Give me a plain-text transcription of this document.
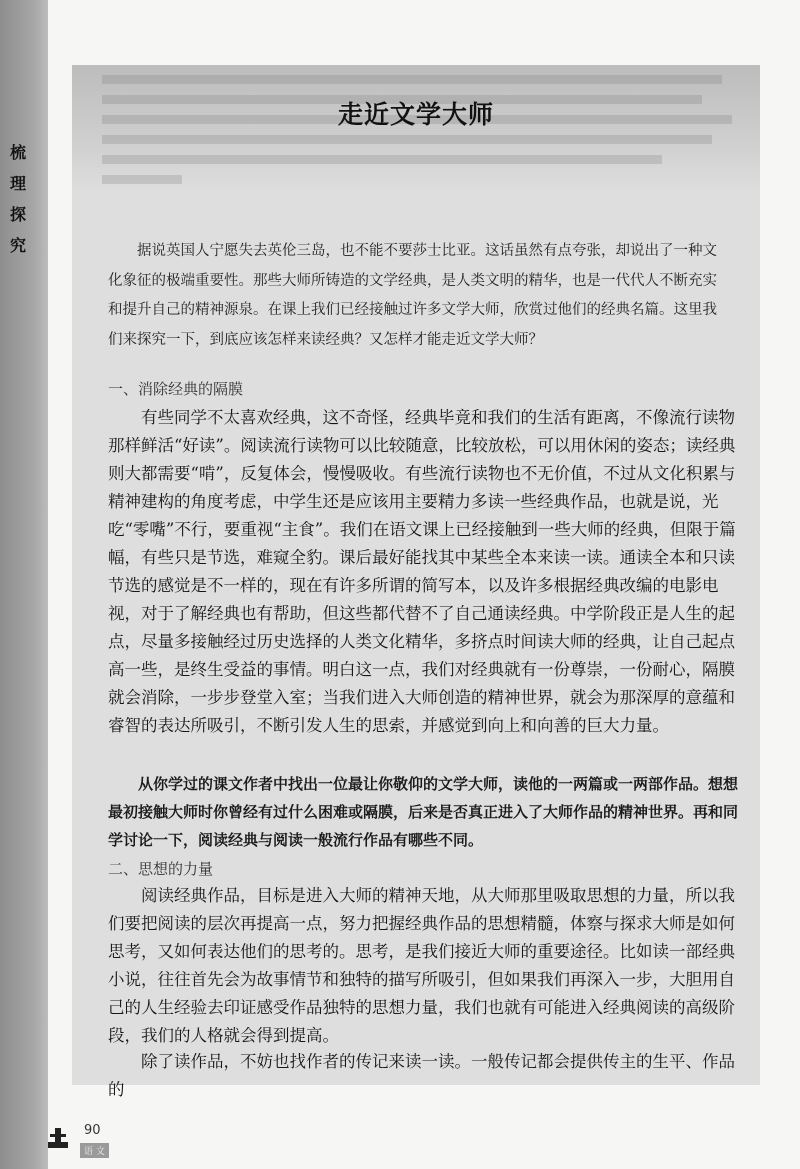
梳
理
探
究
走近文学大师
据说英国人宁愿失去英伦三岛，也不能不要莎士比亚。这话虽然有点夸张，却说出了一种文化象征的极端重要性。那些大师所铸造的文学经典，是人类文明的精华，也是一代代人不断充实和提升自己的精神源泉。在课上我们已经接触过许多文学大师，欣赏过他们的经典名篇。这里我们来探究一下，到底应该怎样来读经典？又怎样才能走近文学大师？
一、消除经典的隔膜
有些同学不太喜欢经典，这不奇怪，经典毕竟和我们的生活有距离，不像流行读物那样鲜活“好读”。阅读流行读物可以比较随意，比较放松，可以用休闲的姿态；读经典则大都需要“啃”，反复体会，慢慢吸收。有些流行读物也不无价值，不过从文化积累与精神建构的角度考虑，中学生还是应该用主要精力多读一些经典作品，也就是说，光吃“零嘴”不行，要重视“主食”。我们在语文课上已经接触到一些大师的经典，但限于篇幅，有些只是节选，难窥全豹。课后最好能找其中某些全本来读一读。通读全本和只读节选的感觉是不一样的，现在有许多所谓的简写本，以及许多根据经典改编的电影电视，对于了解经典也有帮助，但这些都代替不了自己通读经典。中学阶段正是人生的起点，尽量多接触经过历史选择的人类文化精华，多挤点时间读大师的经典，让自己起点高一些，是终生受益的事情。明白这一点，我们对经典就有一份尊崇，一份耐心，隔膜就会消除，一步步登堂入室；当我们进入大师创造的精神世界，就会为那深厚的意蕴和睿智的表达所吸引，不断引发人生的思索，并感觉到向上和向善的巨大力量。
从你学过的课文作者中找出一位最让你敬仰的文学大师，读他的一两篇或一两部作品。想想最初接触大师时你曾经有过什么困难或隔膜，后来是否真正进入了大师作品的精神世界。再和同学讨论一下，阅读经典与阅读一般流行作品有哪些不同。
二、思想的力量
阅读经典作品，目标是进入大师的精神天地，从大师那里吸取思想的力量，所以我们要把阅读的层次再提高一点，努力把握经典作品的思想精髓，体察与探求大师是如何思考，又如何表达他们的思考的。思考，是我们接近大师的重要途径。比如读一部经典小说，往往首先会为故事情节和独特的描写所吸引，但如果我们再深入一步，大胆用自己的人生经验去印证感受作品独特的思想力量，我们也就有可能进入经典阅读的高级阶段，我们的人格就会得到提高。
除了读作品，不妨也找作者的传记来读一读。一般传记都会提供传主的生平、作品的
90
语 文
